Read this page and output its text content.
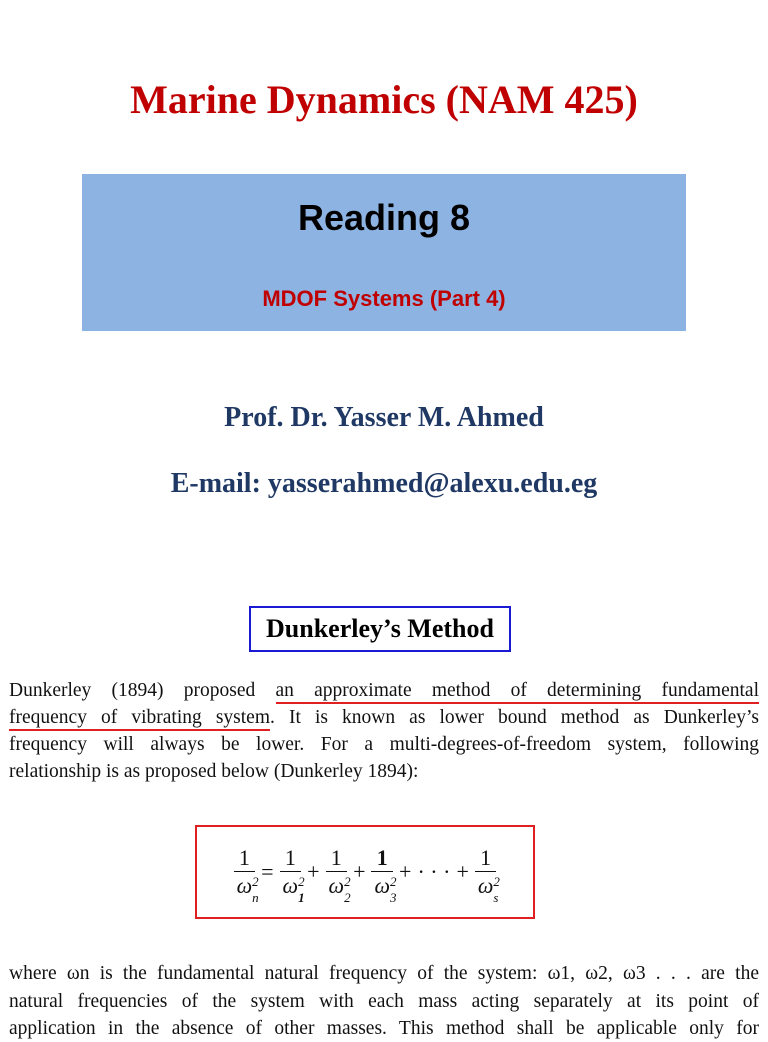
Marine Dynamics (NAM 425)
Reading 8
MDOF Systems (Part 4)
Prof. Dr. Yasser M. Ahmed
E-mail: yasserahmed@alexu.edu.eg
Dunkerley’s Method
Dunkerley (1894) proposed an approximate method of determining fundamental
frequency of vibrating system. It is known as lower bound method as Dunkerley’s
frequency will always be lower. For a multi-degrees-of-freedom system, following
relationship is as proposed below (Dunkerley 1894):
1
ω 2
n = 1
ω 2
1 + 1
ω 2
2 + 1
ω 2
3 + · · · + 1
ω 2
s
where ωn is the fundamental natural frequency of the system: ω1, ω2, ω3 . . . are the
natural frequencies of the system with each mass acting separately at its point of
application in the absence of other masses. This method shall be applicable only for
